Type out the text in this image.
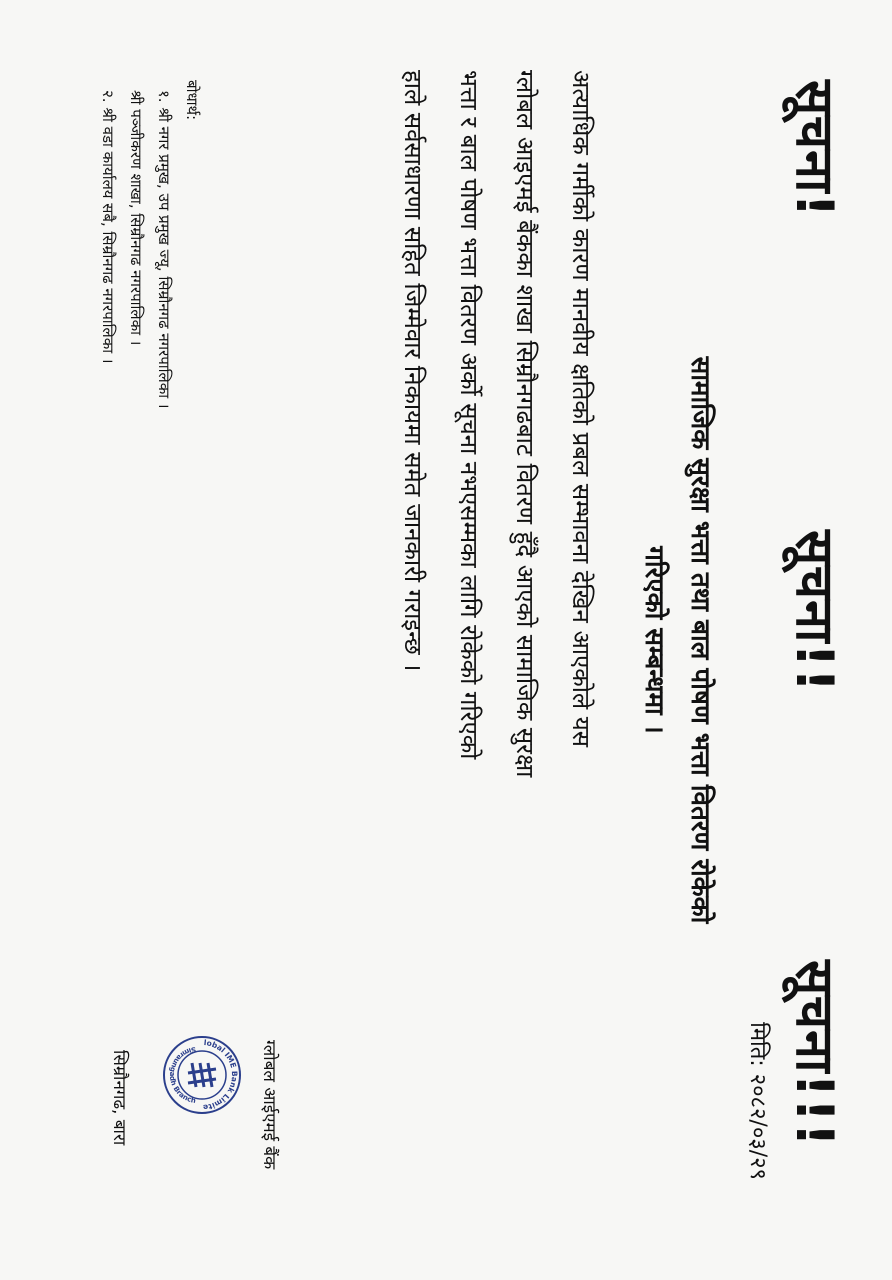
सूचना!
सूचना!!
सूचना!!!
मिति: २०८२/०३/२९
सामाजिक सुरक्षा भत्ता तथा बाल पोषण भत्ता वितरण रोकेको
गरिएको सम्बन्धमा ।
अत्याधिक गर्मीको कारण मानवीय क्षतिको प्रबल सम्भावना देखिन आएकोले यस
ग्लोबल आइएमई बैंकका शाखा सिम्रौनगढबाट वितरण हुँदै आएको सामाजिक सुरक्षा
भत्ता र बाल पोषण भत्ता वितरण अर्को सूचना नभएसम्मका लागि रोकेको गरिएको
हाले सर्वसाधारणा सहित जिम्मेवार निकायमा समेत जानकारी गराइन्छ ।
ग्लोबल आईएमई बैंक
सिम्रौनगढ, बारा
lobal IME Bank Limite
Simraungadh Branch
बोधार्थ:
१. श्री नगर प्रमुख, उप प्रमुख ज्यू, सिम्रौनगढ नगरपालिका ।
श्री पञ्जीकरण शाखा, सिम्रौनगढ नगरपालिका ।
२. श्री वडा कार्यालय सबै, सिम्रौनगढ नगरपालिका ।
